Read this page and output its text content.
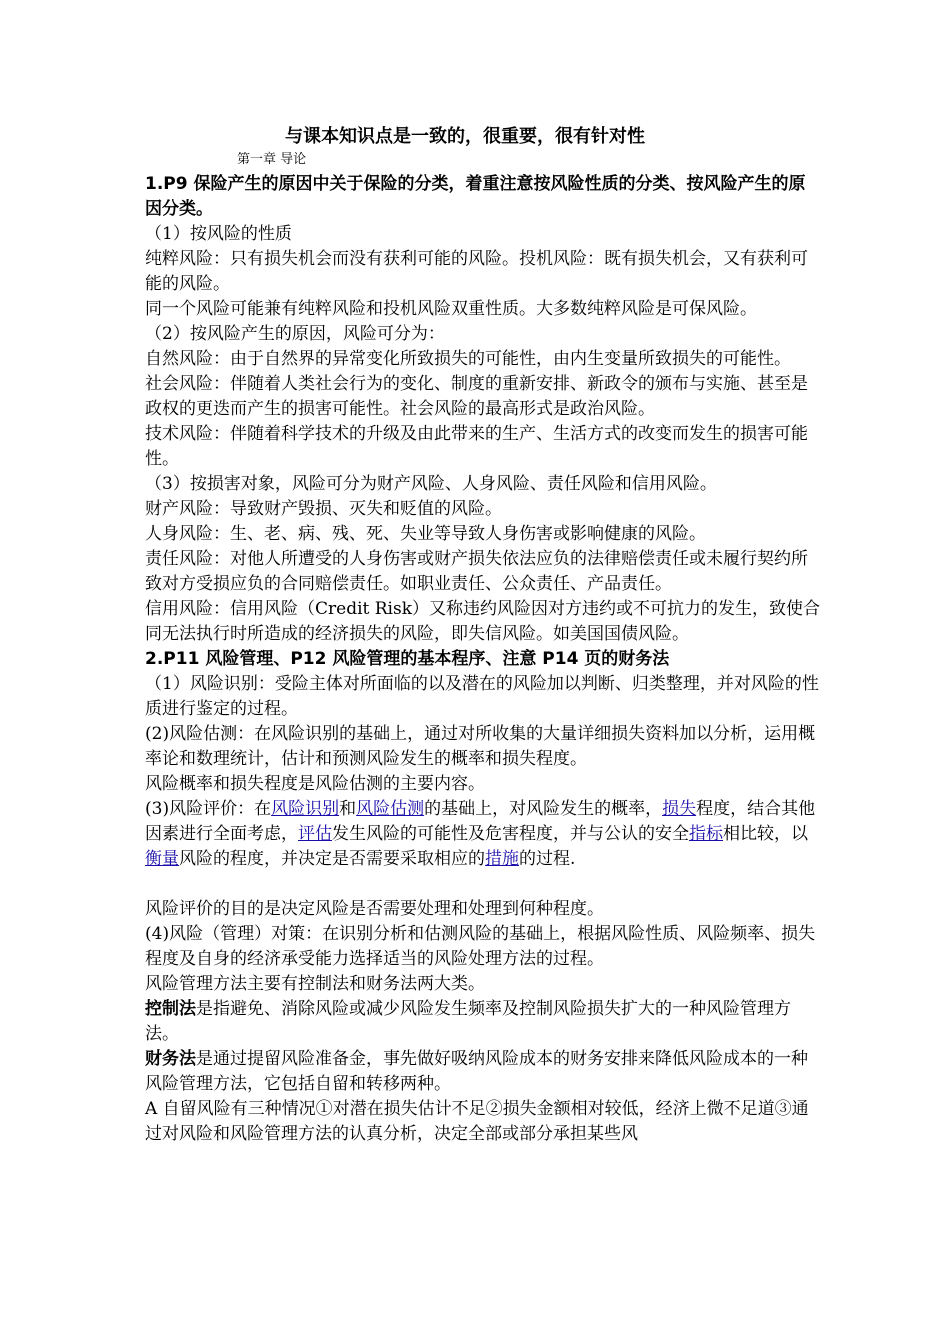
与课本知识点是一致的，很重要，很有针对性
第一章 导论

1.P9 保险产生的原因中关于保险的分类，着重注意按风险性质的分类、按风险产生的原因分类。

（1）按风险的性质

纯粹风险：只有损失机会而没有获利可能的风险。投机风险：既有损失机会，又有获利可能的风险。

同一个风险可能兼有纯粹风险和投机风险双重性质。大多数纯粹风险是可保风险。

（2）按风险产生的原因，风险可分为：

自然风险：由于自然界的异常变化所致损失的可能性，由内生变量所致损失的可能性。

社会风险：伴随着人类社会行为的变化、制度的重新安排、新政令的颁布与实施、甚至是政权的更迭而产生的损害可能性。社会风险的最高形式是政治风险。

技术风险：伴随着科学技术的升级及由此带来的生产、生活方式的改变而发生的损害可能性。

（3）按损害对象，风险可分为财产风险、人身风险、责任风险和信用风险。

财产风险：导致财产毁损、灭失和贬值的风险。

人身风险：生、老、病、残、死、失业等导致人身伤害或影响健康的风险。

责任风险：对他人所遭受的人身伤害或财产损失依法应负的法律赔偿责任或未履行契约所致对方受损应负的合同赔偿责任。如职业责任、公众责任、产品责任。

信用风险：信用风险（Credit Risk）又称违约风险因对方违约或不可抗力的发生，致使合同无法执行时所造成的经济损失的风险，即失信风险。如美国国债风险。

2.P11 风险管理、P12 风险管理的基本程序、注意 P14 页的财务法

（1）风险识别：受险主体对所面临的以及潜在的风险加以判断、归类整理，并对风险的性质进行鉴定的过程。

(2)风险估测：在风险识别的基础上，通过对所收集的大量详细损失资料加以分析，运用概率论和数理统计，估计和预测风险发生的概率和损失程度。

风险概率和损失程度是风险估测的主要内容。

(3)风险评价：在风险识别和风险估测的基础上，对风险发生的概率，损失程度，结合其他因素进行全面考虑，评估发生风险的可能性及危害程度，并与公认的安全指标相比较，以衡量风险的程度，并决定是否需要采取相应的措施的过程.

风险评价的目的是决定风险是否需要处理和处理到何种程度。

(4)风险（管理）对策：在识别分析和估测风险的基础上，根据风险性质、风险频率、损失程度及自身的经济承受能力选择适当的风险处理方法的过程。

风险管理方法主要有控制法和财务法两大类。

控制法是指避免、消除风险或减少风险发生频率及控制风险损失扩大的一种风险管理方法。

财务法是通过提留风险准备金，事先做好吸纳风险成本的财务安排来降低风险成本的一种风险管理方法，它包括自留和转移两种。

A 自留风险有三种情况①对潜在损失估计不足②损失金额相对较低，经济上微不足道③通过对风险和风险管理方法的认真分析，决定全部或部分承担某些风
